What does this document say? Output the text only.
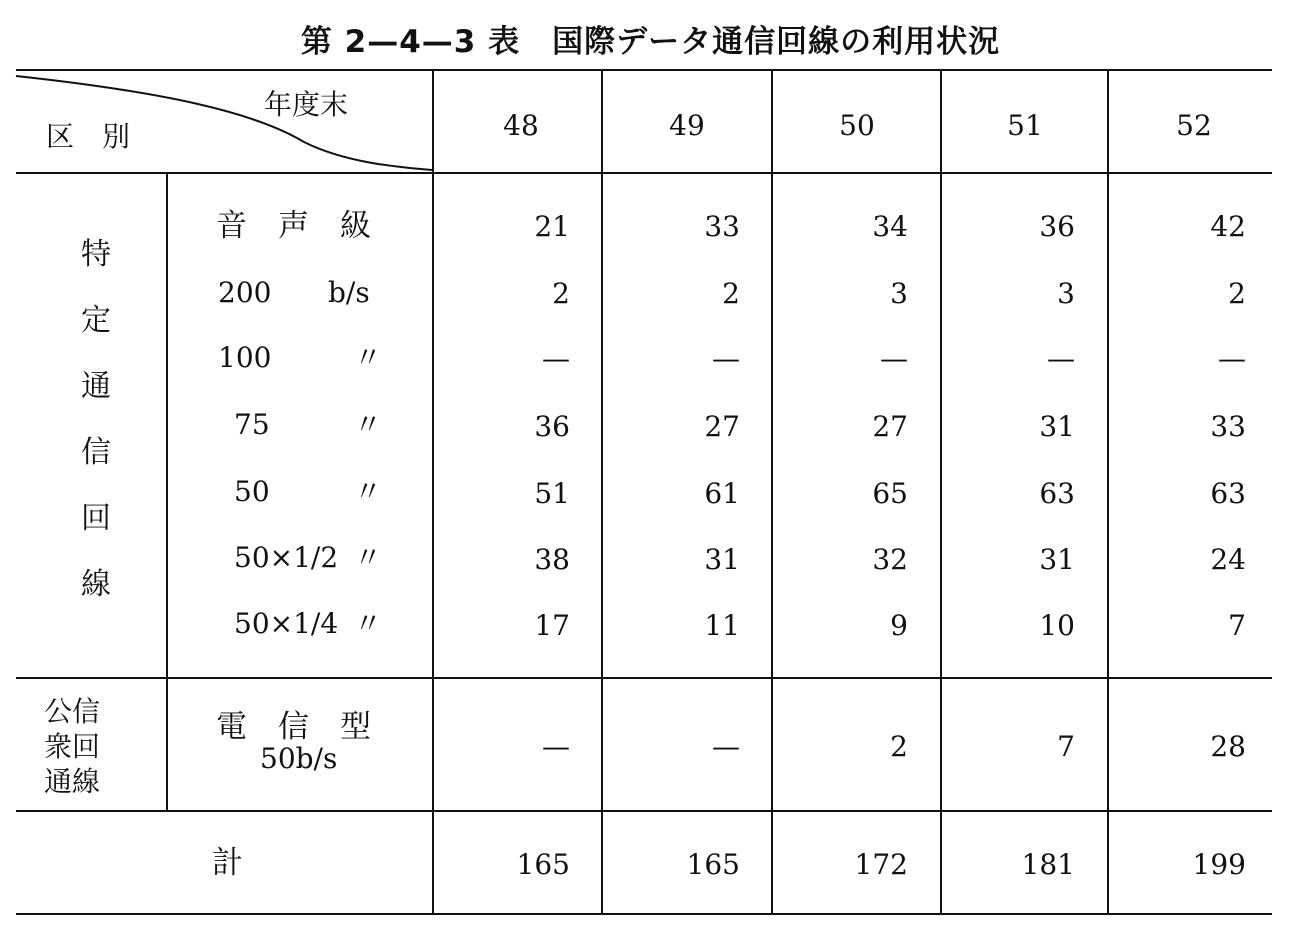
第 2—4—3 表　国際データ通信回線の利用状況
年度末
区　別	48	49	50	51	52
特
定
通
信
回
線
音　声　級	21	33	34	36	42
200 b/s	2	2	3	3	2
100	〃	—	—	—	—	—
75	〃	36	27	27	31	33
50	〃	51	61	65	63	63
50×1/2 〃	38	31	32	31	24
50×1/4 〃	17	11	9	10	7
公信
衆回
通線
電　信　型
50b/s	—	—	2	7	28
計	165	165	172	181	199
